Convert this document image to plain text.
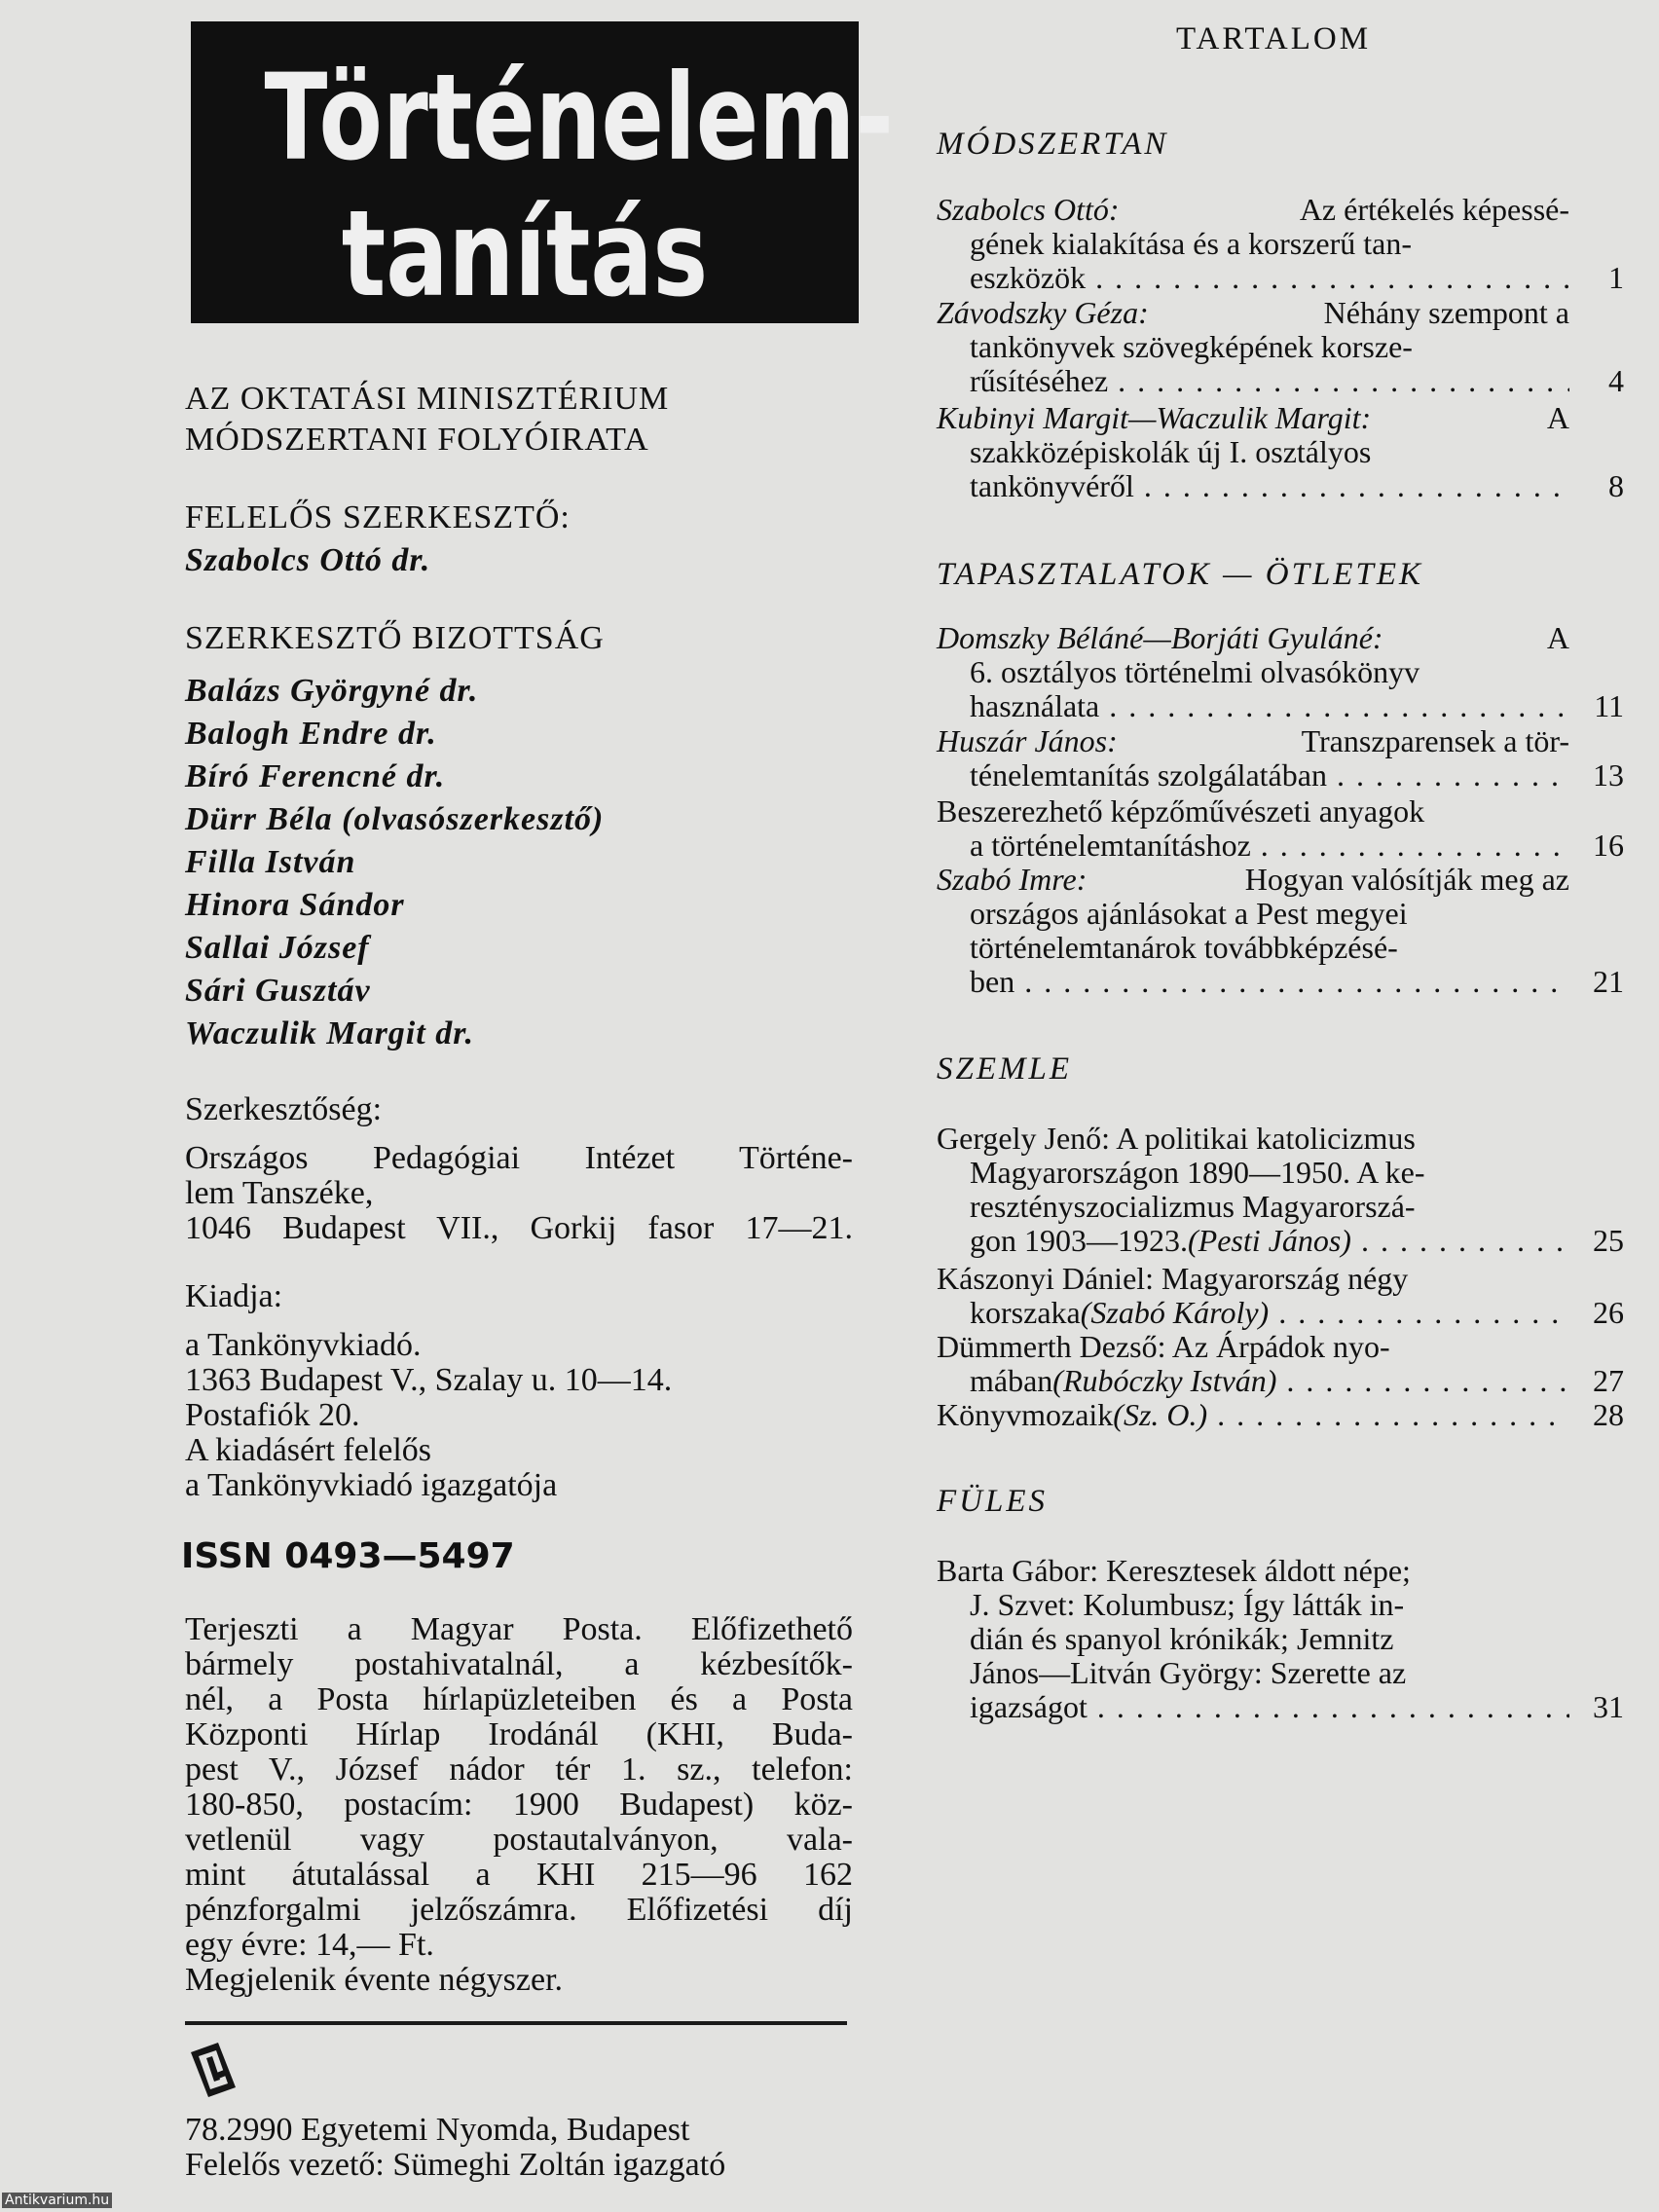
Történelem-
tanítás
AZ OKTATÁSI MINISZTÉRIUM
MÓDSZERTANI FOLYÓIRATA
FELELŐS SZERKESZTŐ:
Szabolcs Ottó dr.
SZERKESZTŐ BIZOTTSÁG
Balázs Györgyné dr.
Balogh Endre dr.
Bíró Ferencné dr.
Dürr Béla (olvasószerkesztő)
Filla István
Hinora Sándor
Sallai József
Sári Gusztáv
Waczulik Margit dr.
Szerkesztőség:
Országos Pedagógiai Intézet Történe-
lem Tanszéke,
1046 Budapest VII., Gorkij fasor 17—21.
Kiadja:
a Tankönyvkiadó.
1363 Budapest V., Szalay u. 10—14.
Postafiók 20.
A kiadásért felelős
a Tankönyvkiadó igazgatója
ISSN 0493—5497
Terjeszti a Magyar Posta. Előfizethető
bármely postahivatalnál, a kézbesítők-
nél, a Posta hírlapüzleteiben és a Posta
Központi Hírlap Irodánál (KHI, Buda-
pest V., József nádor tér 1. sz., telefon:
180-850, postacím: 1900 Budapest) köz-
vetlenül vagy postautalványon, vala-
mint átutalással a KHI 215—96 162
pénzforgalmi jelzőszámra. Előfizetési díj
egy évre: 14,— Ft.
Megjelenik évente négyszer.
78.2990 Egyetemi Nyomda, Budapest
Felelős vezető: Sümeghi Zoltán igazgató
TARTALOM
MÓDSZERTAN
Szabolcs Ottó:	Az értékelés képessé-
gének kialakítása és a korszerű tan-
eszközök . . .	1
Závodszky Géza:	Néhány szempont a
tankönyvek szövegképének korsze-
rűsítéséhez . . .	4
Kubinyi Margit—Waczulik Margit:	A
szakközépiskolák új I. osztályos
tankönyvéről . . .	8
TAPASZTALATOK — ÖTLETEK
Domszky Béláné—Borjáti Gyuláné:	A
6. osztályos történelmi olvasókönyv
használata . . .	11
Huszár János:	Transzparensek a tör-
ténelemtanítás szolgálatában . . .	13
Beszerezhető képzőművészeti anyagok
a történelemtanításhoz . . .	16
Szabó Imre:	Hogyan valósítják meg az
országos ajánlásokat a Pest megyei
történelemtanárok továbbképzésé-
ben . . .	21
SZEMLE
Gergely Jenő: A politikai katolicizmus
Magyarországon 1890—1950. A ke-
resztényszocializmus Magyarorszá-
gon 1903—1923. (Pesti János) . . .	25
Kászonyi Dániel: Magyarország négy
korszaka (Szabó Károly) . . .	26
Dümmerth Dezső: Az Árpádok nyo-
mában (Rubóczky István) . . .	27
Könyvmozaik (Sz. O.) . . .	28
FÜLES
Barta Gábor: Keresztesek áldott népe;
J. Szvet: Kolumbusz; Így látták in-
dián és spanyol krónikák; Jemnitz
János—Litván György: Szerette az
igazságot . . .	31
Antikvarium.hu
